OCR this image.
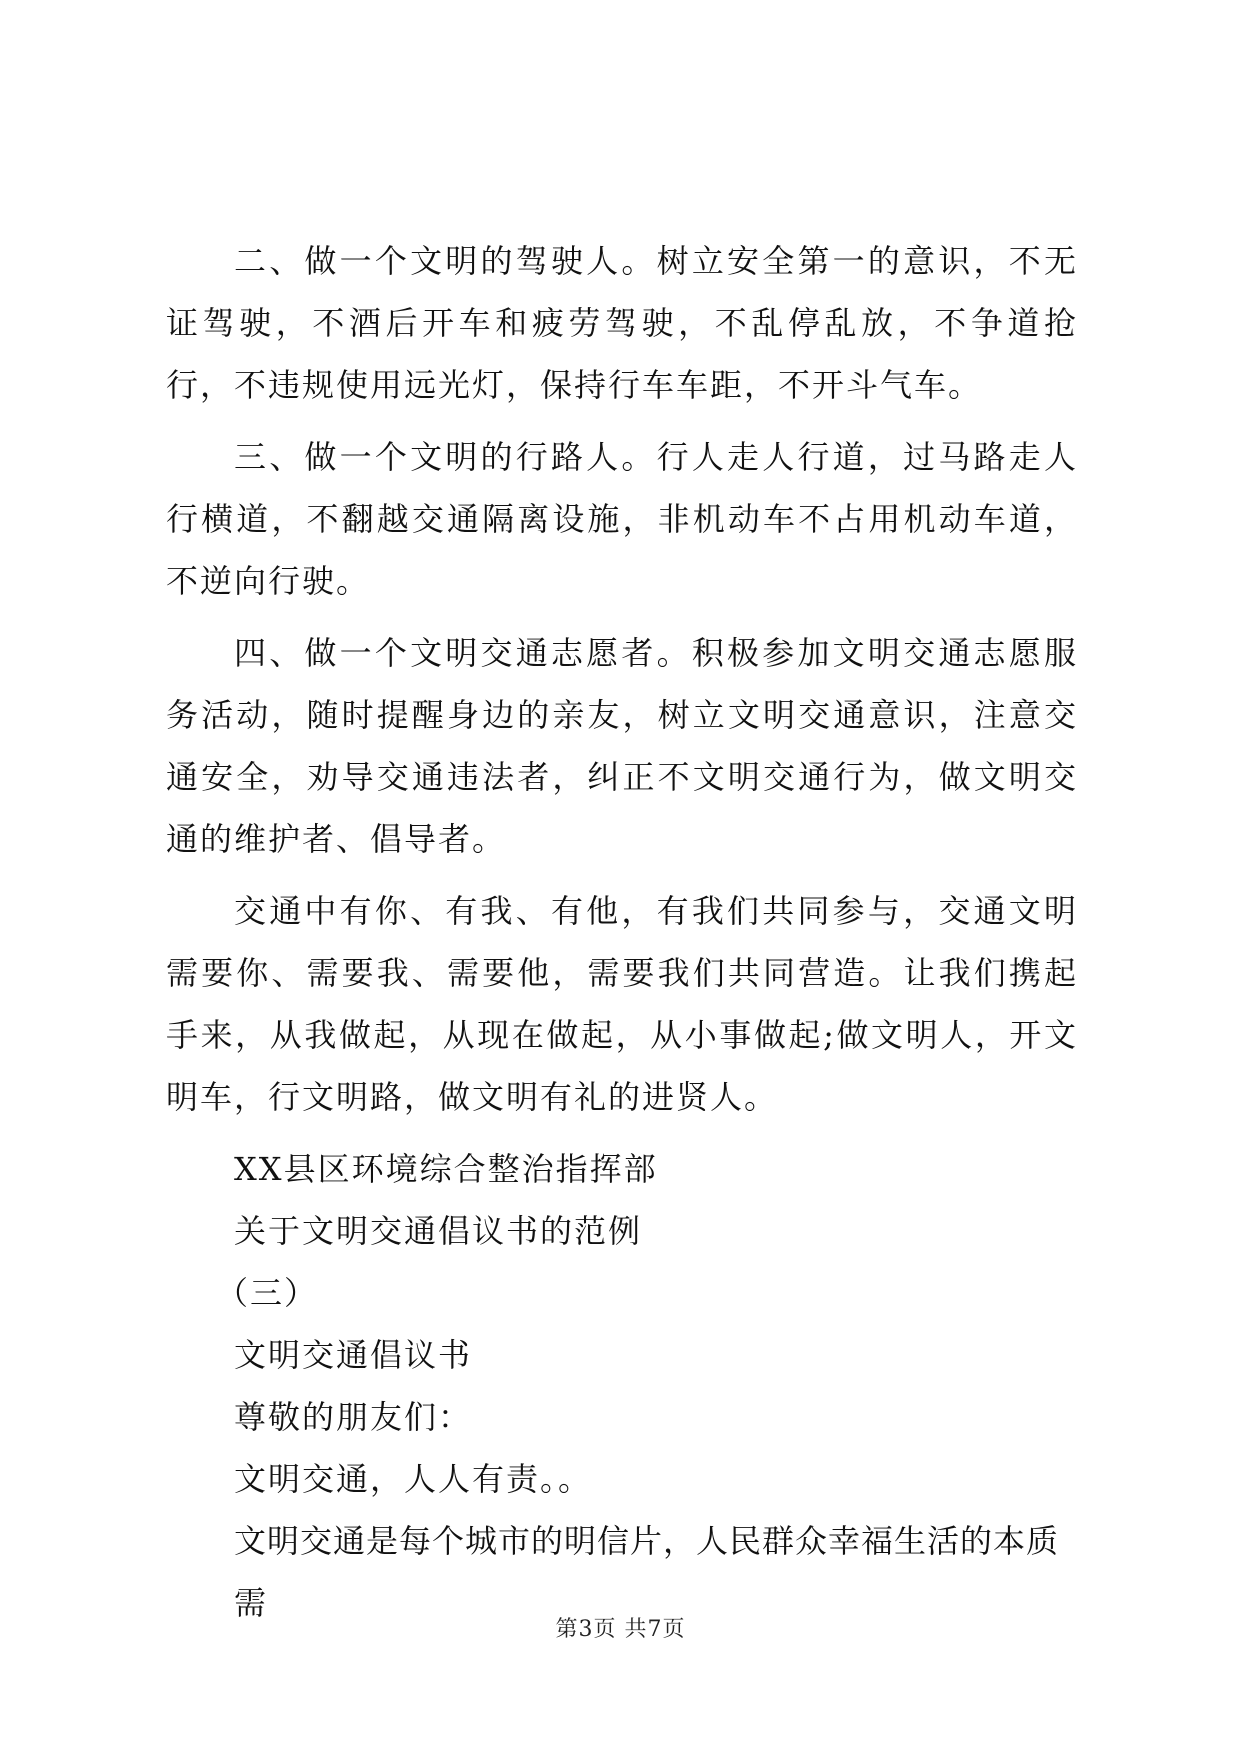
二、做一个文明的驾驶人。树立安全第一的意识，不无证驾驶，不酒后开车和疲劳驾驶，不乱停乱放，不争道抢行，不违规使用远光灯，保持行车车距，不开斗气车。

三、做一个文明的行路人。行人走人行道，过马路走人行横道，不翻越交通隔离设施，非机动车不占用机动车道，不逆向行驶。

四、做一个文明交通志愿者。积极参加文明交通志愿服务活动，随时提醒身边的亲友，树立文明交通意识，注意交通安全，劝导交通违法者，纠正不文明交通行为，做文明交通的维护者、倡导者。

交通中有你、有我、有他，有我们共同参与，交通文明需要你、需要我、需要他，需要我们共同营造。让我们携起手来，从我做起，从现在做起，从小事做起;做文明人，开文明车，行文明路，做文明有礼的进贤人。

XX县区环境综合整治指挥部
关于文明交通倡议书的范例
（三）
文明交通倡议书
尊敬的朋友们：
文明交通，人人有责。。
文明交通是每个城市的明信片，人民群众幸福生活的本质需
第3页 共7页
